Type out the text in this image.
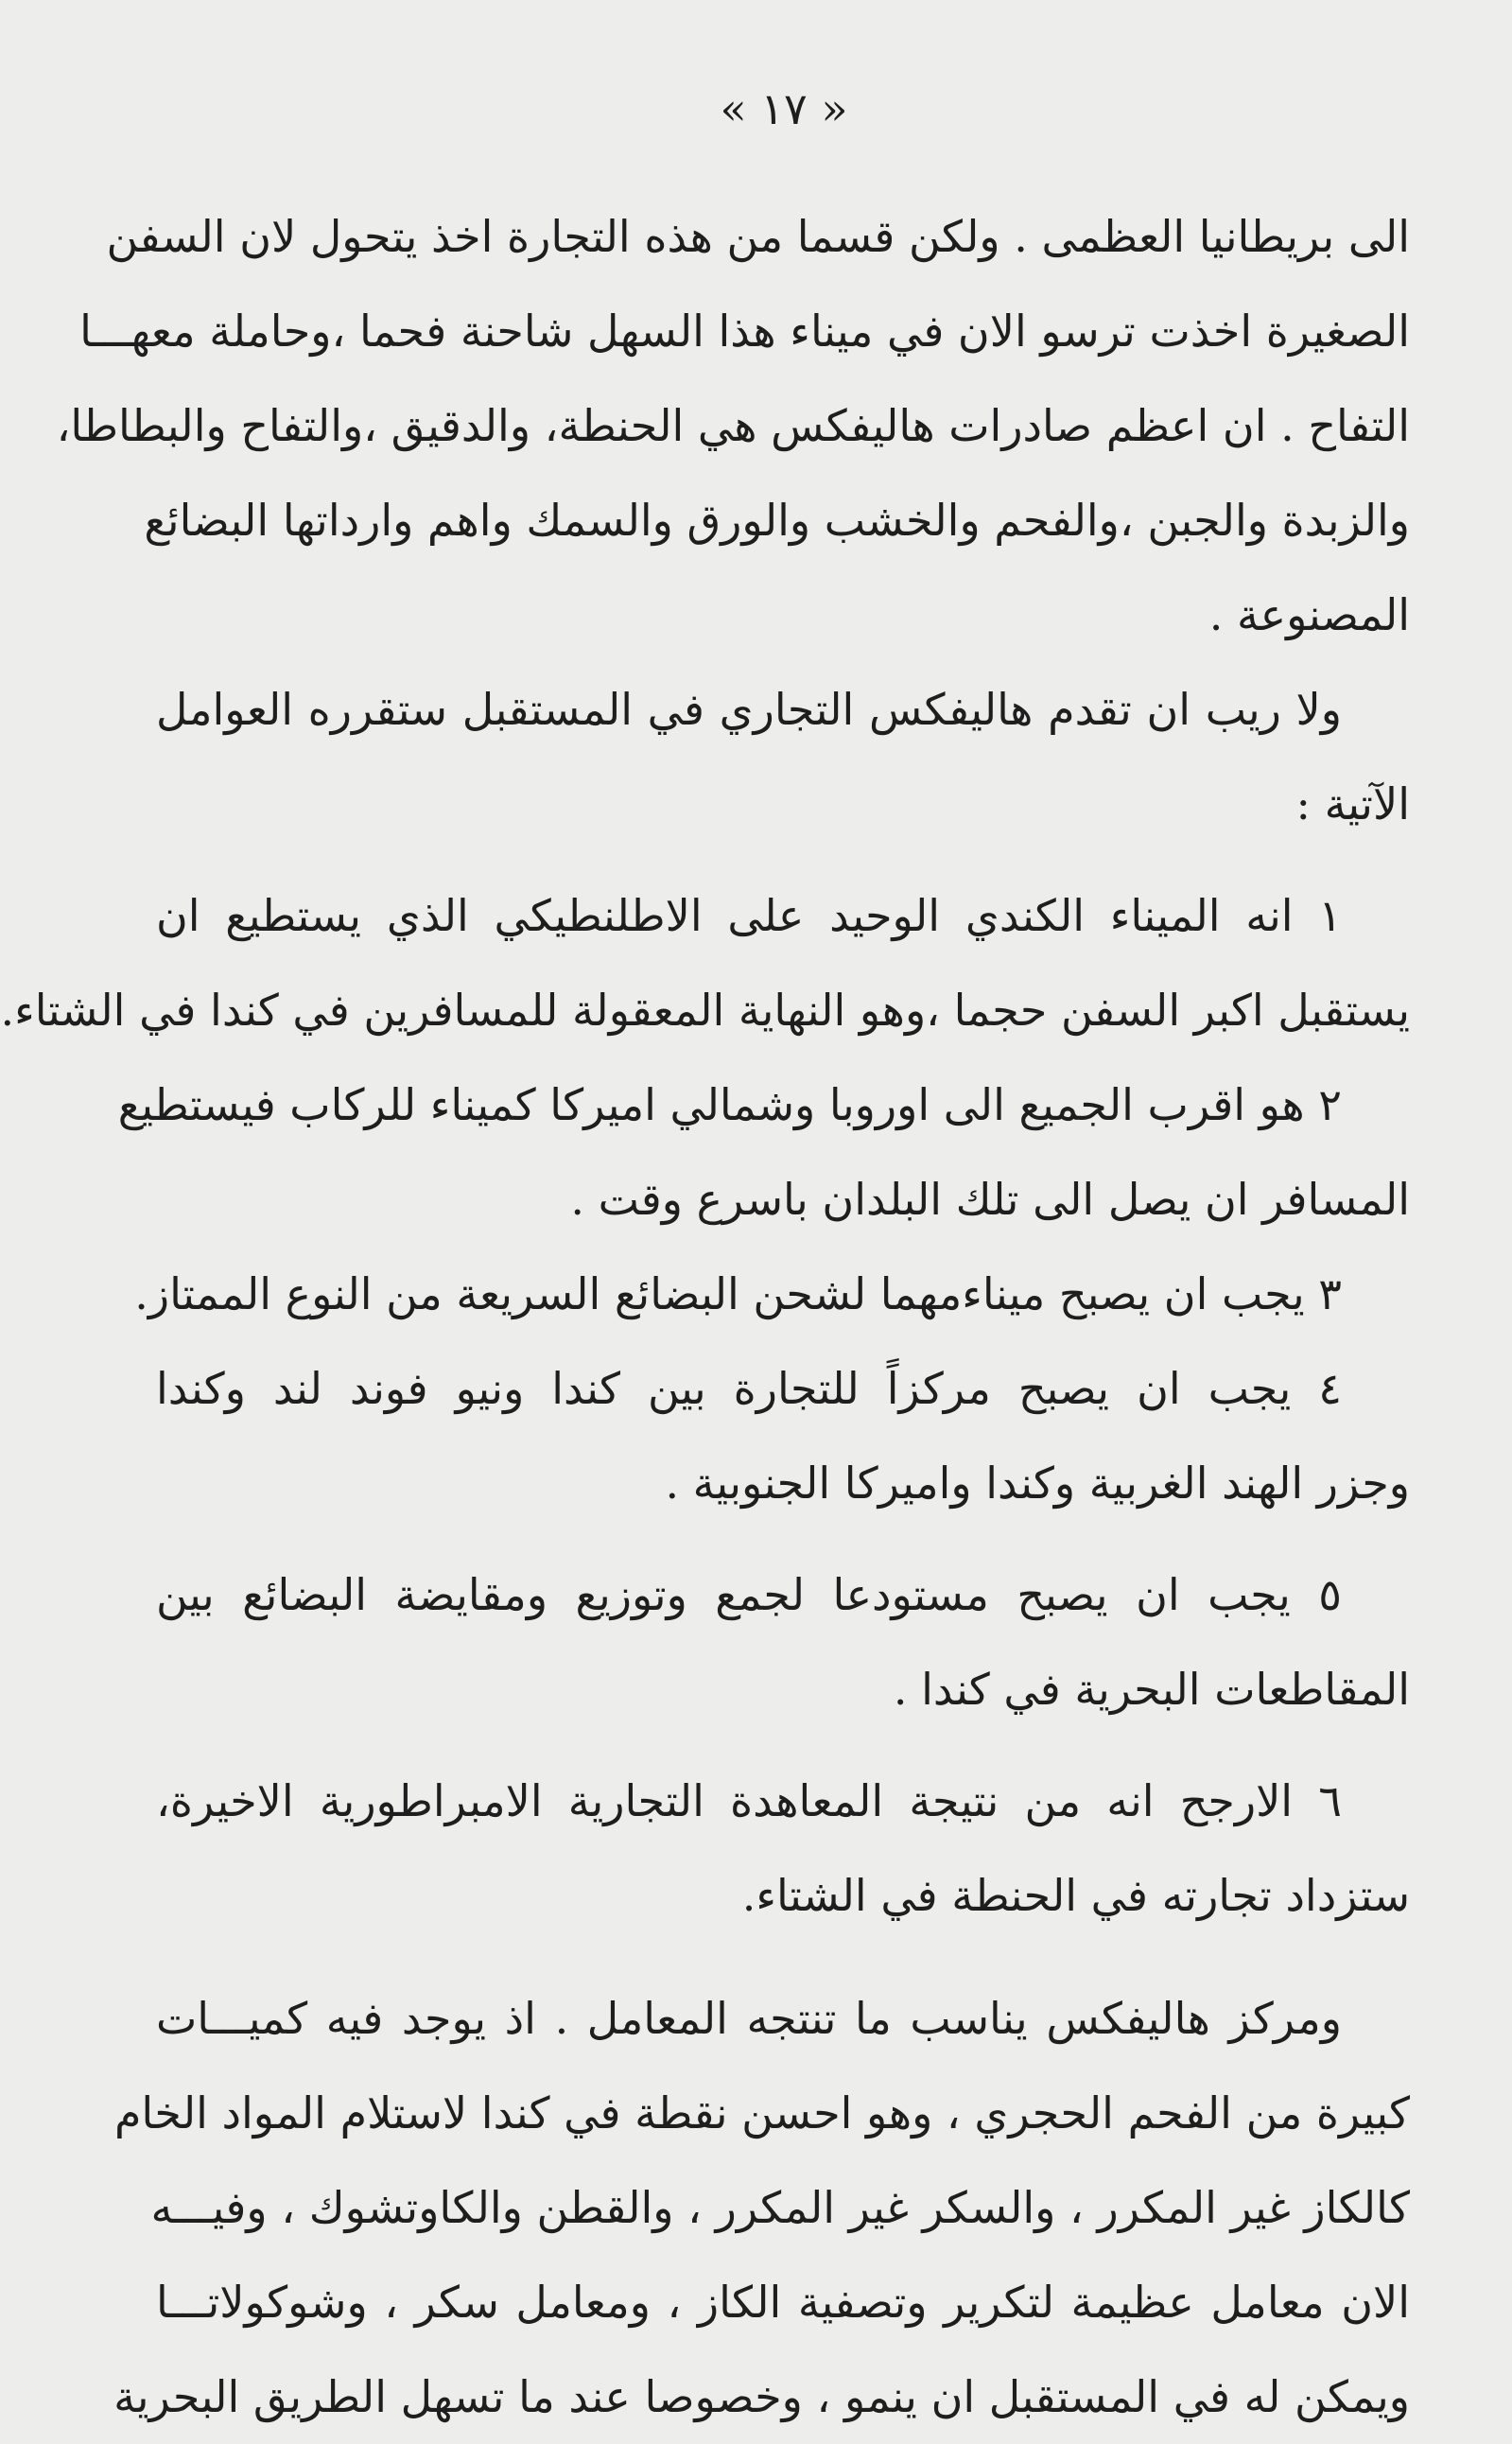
« ١٧ »
الى بريطانيا العظمى . ولكن قسما من هذه التجارة اخذ يتحول لان السفن
الصغيرة اخذت ترسو الان في ميناء هذا السهل شاحنة فحما ،وحاملة معهـــا
التفاح . ان اعظم صادرات هاليفكس هي الحنطة، والدقيق ،والتفاح والبطاطا،
والزبدة والجبن ،والفحم والخشب والورق والسمك واهم وارداتها البضائع
المصنوعة .
ولا ريب ان تقدم هاليفكس التجاري في المستقبل ستقرره العوامل
الآتية :
١ انه الميناء الكندي الوحيد على الاطلنطيكي الذي يستطيع ان
يستقبل اكبر السفن حجما ،وهو النهاية المعقولة للمسافرين في كندا في الشتاء.
٢ هو اقرب الجميع الى اوروبا وشمالي اميركا كميناء للركاب فيستطيع
المسافر ان يصل الى تلك البلدان باسرع وقت .
٣ يجب ان يصبح ميناءمهما لشحن البضائع السريعة من النوع الممتاز.
٤ يجب ان يصبح مركزاً للتجارة بين كندا ونيو فوند لند وكندا
وجزر الهند الغربية وكندا واميركا الجنوبية .
٥ يجب ان يصبح مستودعا لجمع وتوزيع ومقايضة البضائع بين
المقاطعات البحرية في كندا .
٦ الارجح انه من نتيجة المعاهدة التجارية الامبراطورية الاخيرة،
ستزداد تجارته في الحنطة في الشتاء.
ومركز هاليفكس يناسب ما تنتجه المعامل . اذ يوجد فيه كميـــات
كبيرة من الفحم الحجري ، وهو احسن نقطة في كندا لاستلام المواد الخام
كالكاز غير المكرر ، والسكر غير المكرر ، والقطن والكاوتشوك ، وفيـــه
الان معامل عظيمة لتكرير وتصفية الكاز ، ومعامل سكر ، وشوكولاتـــا
ويمكن له في المستقبل ان ينمو ، وخصوصا عند ما تسهل الطريق البحرية
